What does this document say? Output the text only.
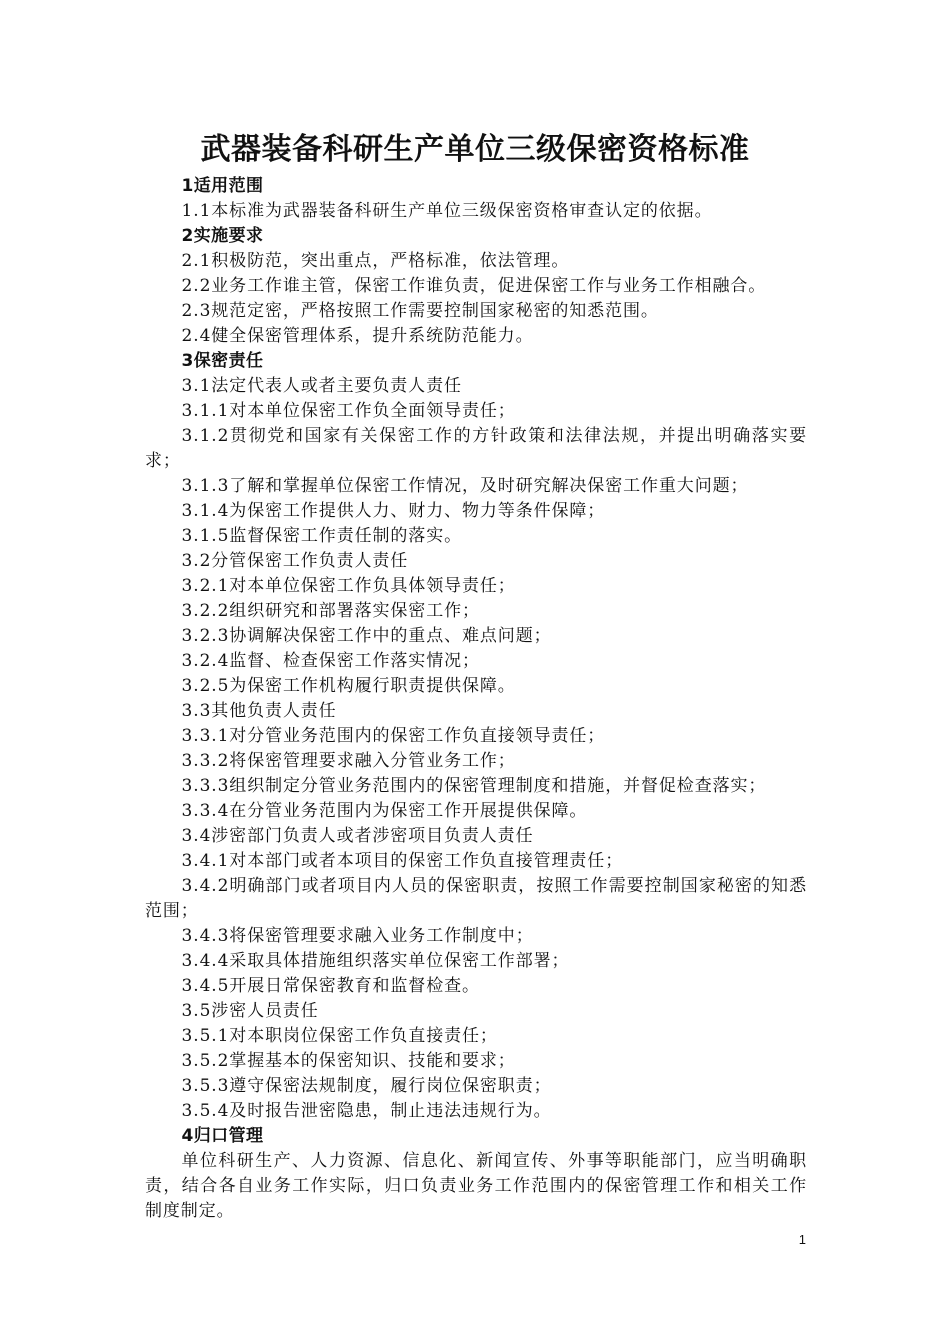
武器装备科研生产单位三级保密资格标准

1适用范围

1.1本标准为武器装备科研生产单位三级保密资格审查认定的依据。

2实施要求

2.1积极防范，突出重点，严格标准，依法管理。

2.2业务工作谁主管，保密工作谁负责，促进保密工作与业务工作相融合。

2.3规范定密，严格按照工作需要控制国家秘密的知悉范围。

2.4健全保密管理体系，提升系统防范能力。

3保密责任

3.1法定代表人或者主要负责人责任

3.1.1对本单位保密工作负全面领导责任；

3.1.2贯彻党和国家有关保密工作的方针政策和法律法规，并提出明确落实要求；

3.1.3了解和掌握单位保密工作情况，及时研究解决保密工作重大问题；

3.1.4为保密工作提供人力、财力、物力等条件保障；

3.1.5监督保密工作责任制的落实。

3.2分管保密工作负责人责任

3.2.1对本单位保密工作负具体领导责任；

3.2.2组织研究和部署落实保密工作；

3.2.3协调解决保密工作中的重点、难点问题；

3.2.4监督、检查保密工作落实情况；

3.2.5为保密工作机构履行职责提供保障。

3.3其他负责人责任

3.3.1对分管业务范围内的保密工作负直接领导责任；

3.3.2将保密管理要求融入分管业务工作；

3.3.3组织制定分管业务范围内的保密管理制度和措施，并督促检查落实；

3.3.4在分管业务范围内为保密工作开展提供保障。

3.4涉密部门负责人或者涉密项目负责人责任

3.4.1对本部门或者本项目的保密工作负直接管理责任；

3.4.2明确部门或者项目内人员的保密职责，按照工作需要控制国家秘密的知悉范围；

3.4.3将保密管理要求融入业务工作制度中；

3.4.4采取具体措施组织落实单位保密工作部署；

3.4.5开展日常保密教育和监督检查。

3.5涉密人员责任

3.5.1对本职岗位保密工作负直接责任；

3.5.2掌握基本的保密知识、技能和要求；

3.5.3遵守保密法规制度，履行岗位保密职责；

3.5.4及时报告泄密隐患，制止违法违规行为。

4归口管理

单位科研生产、人力资源、信息化、新闻宣传、外事等职能部门，应当明确职责，结合各自业务工作实际，归口负责业务工作范围内的保密管理工作和相关工作制度制定。

1
